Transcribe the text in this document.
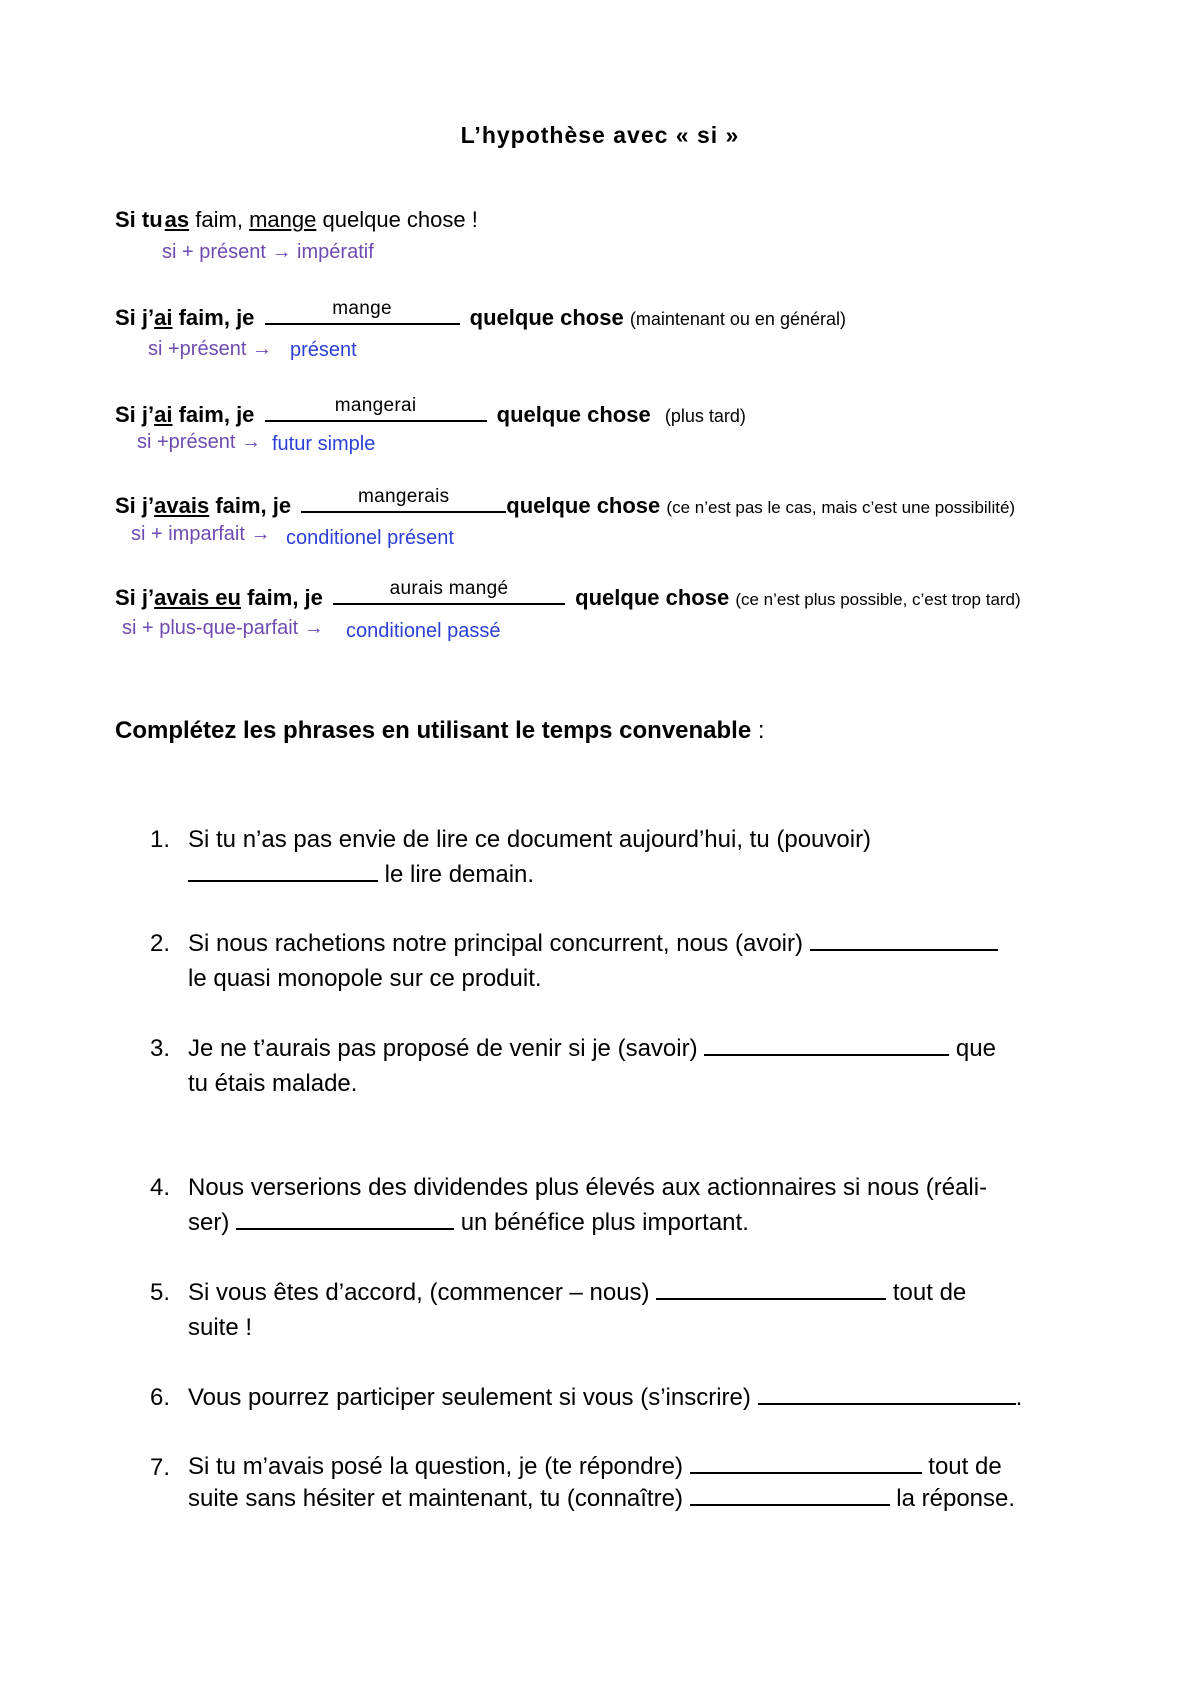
L’hypothèse avec « si »
Si tuas faim, mange quelque chose !
si + présent → impératif
Si j’ai faim, je	mange	quelque chose (maintenant ou en général)
si +présent → présent
Si j’ai faim, je	mangerai	quelque chose (plus tard)
si +présent → futur simple
Si j’avais faim, je	mangerais	quelque chose (ce n’est pas le cas, mais c’est une possibilité)
si + imparfait → conditionel présent
Si j’avais eu faim, je	aurais mangé	quelque chose (ce n’est plus possible, c’est trop tard)
si + plus-que-parfait → conditionel passé
Complétez les phrases en utilisant le temps convenable :
1. Si tu n’as pas envie de lire ce document aujourd’hui, tu (pouvoir)
le lire demain.
2. Si nous rachetions notre principal concurrent, nous (avoir)
le quasi monopole sur ce produit.
3. Je ne t’aurais pas proposé de venir si je (savoir)	que
tu étais malade.
4. Nous verserions des dividendes plus élevés aux actionnaires si nous (réali-
ser)	un bénéfice plus important.
5. Si vous êtes d’accord, (commencer – nous)	tout de
suite !
6. Vous pourrez participer seulement si vous (s’inscrire)	.
7. Si tu m’avais posé la question, je (te répondre)	tout de
suite sans hésiter et maintenant, tu (connaître)	la réponse.
